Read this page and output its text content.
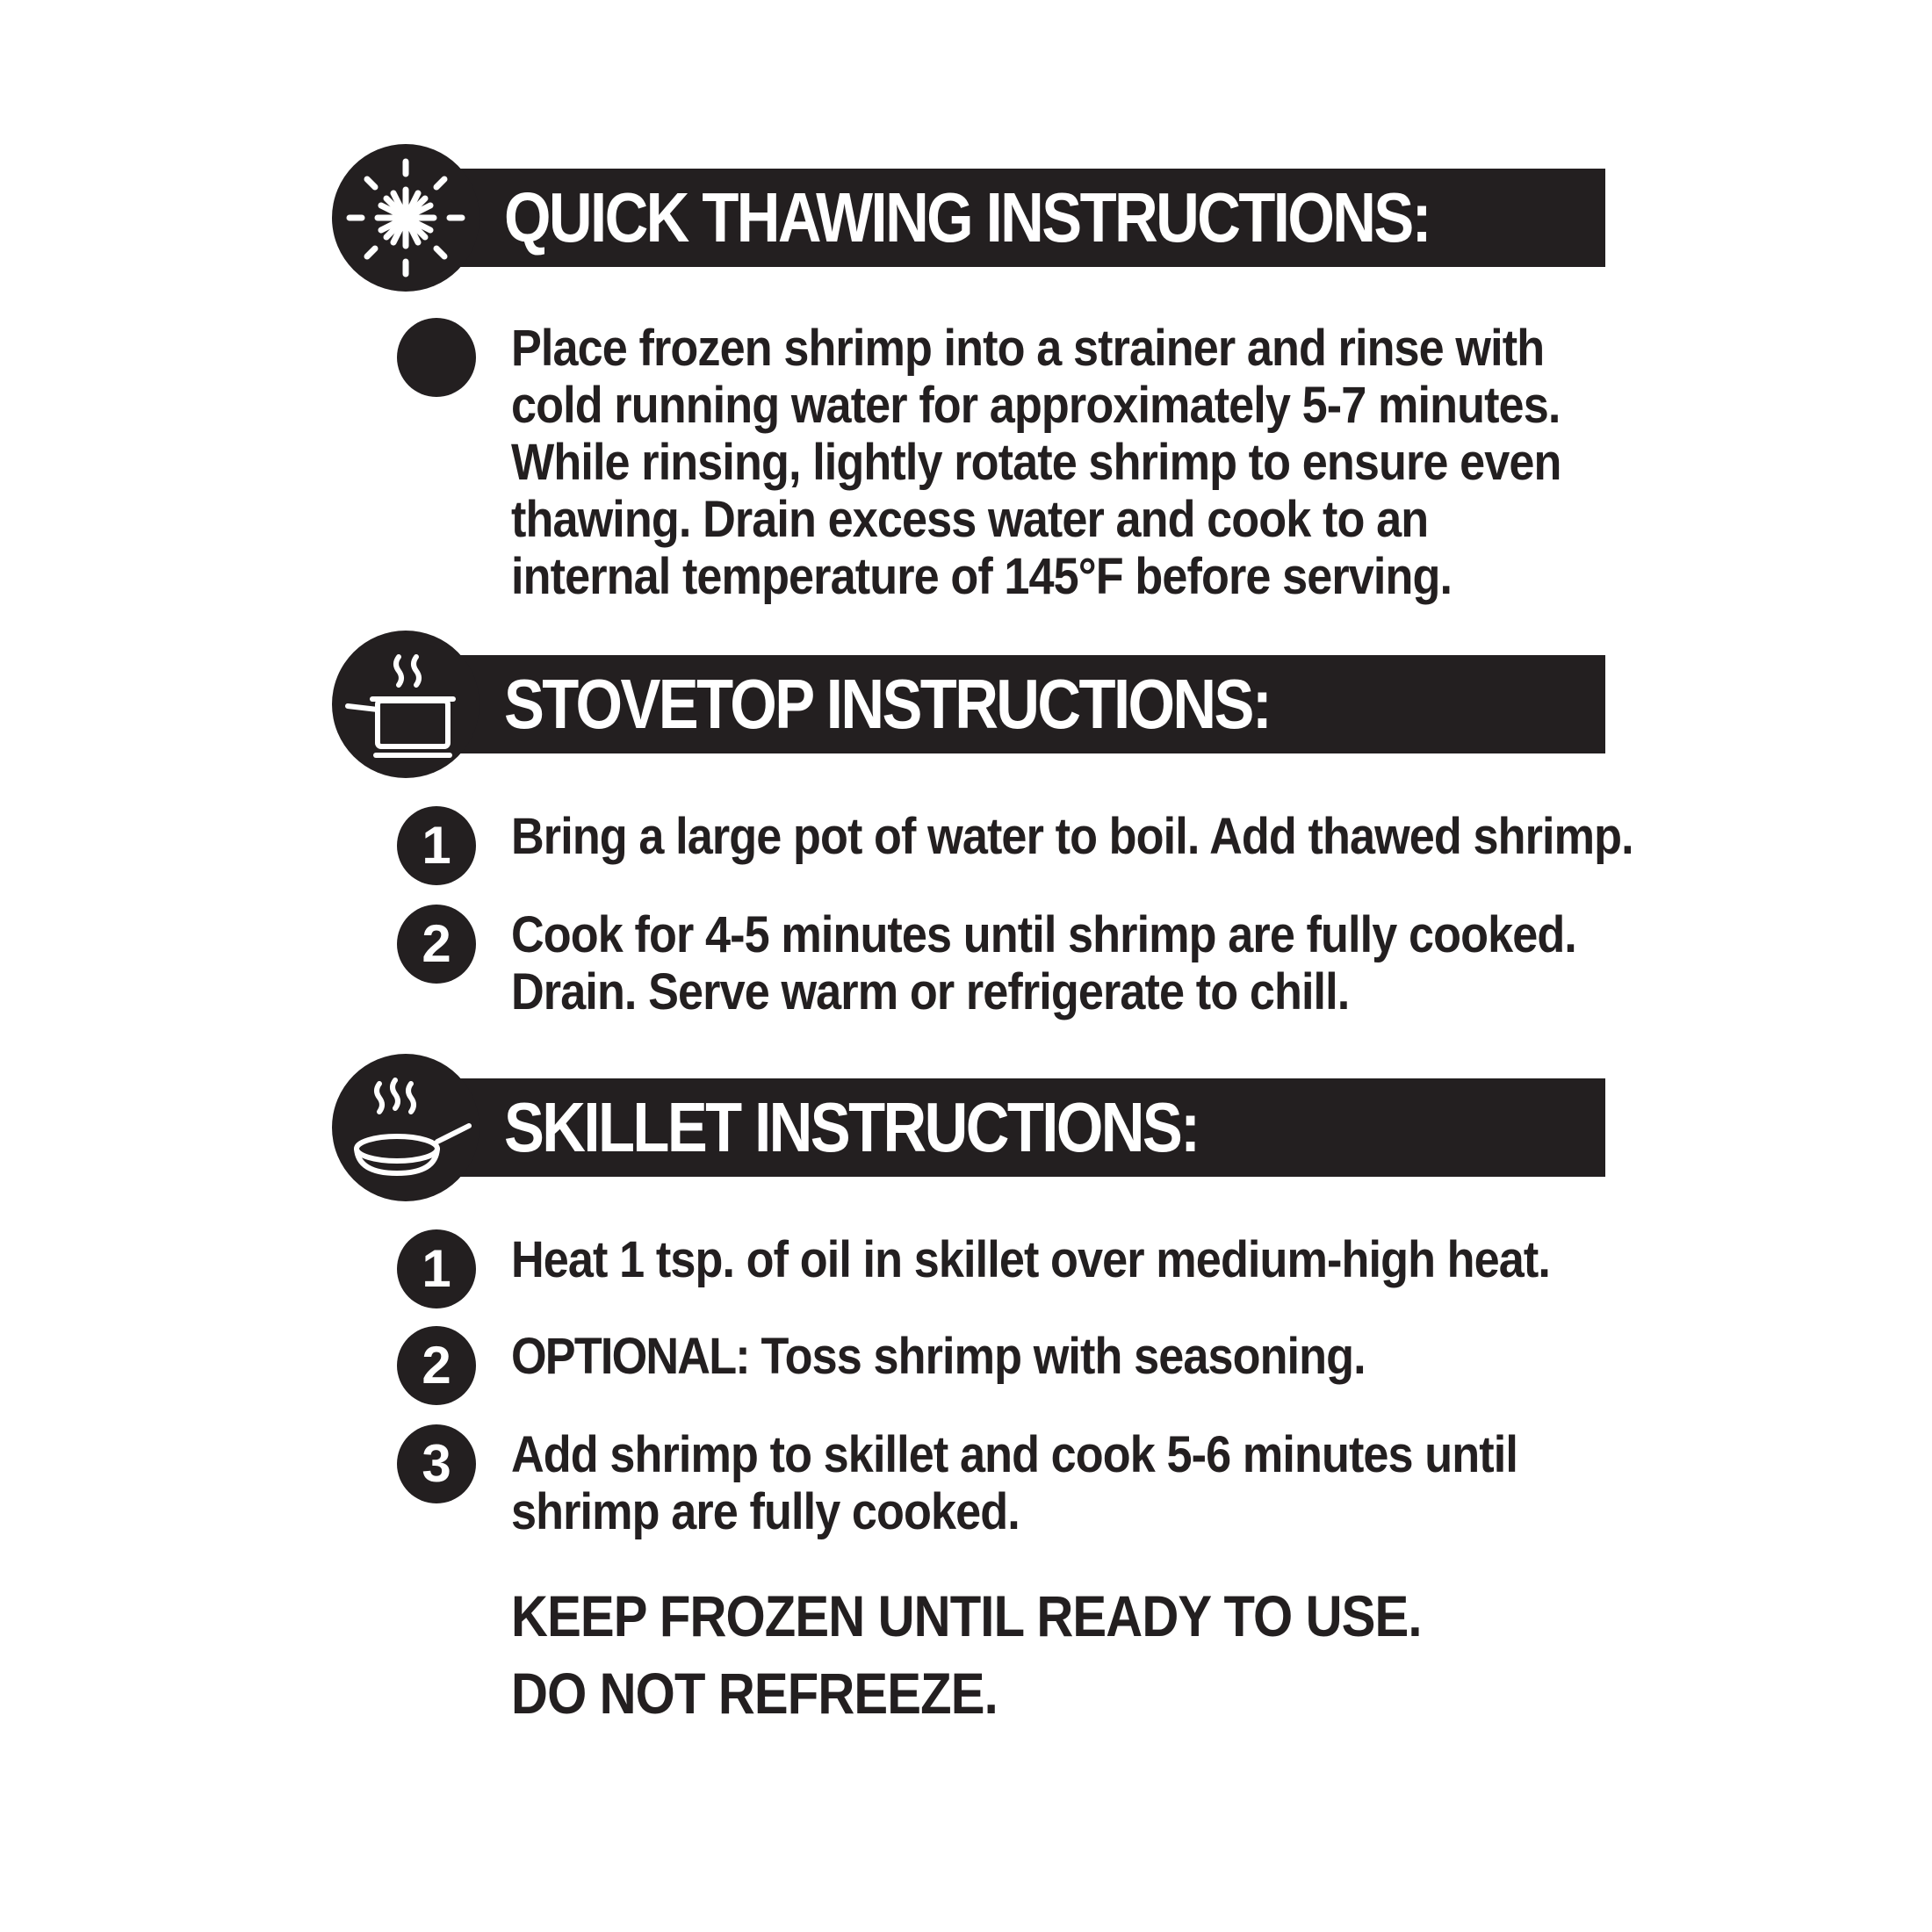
QUICK THAWING INSTRUCTIONS:
Place frozen shrimp into a strainer and rinse with
cold running water for approximately 5-7 minutes.
While rinsing, lightly rotate shrimp to ensure even
thawing. Drain excess water and cook to an
internal temperature of 145°F before serving.
STOVETOP INSTRUCTIONS:
1	Bring a large pot of water to boil. Add thawed shrimp.
2	Cook for 4-5 minutes until shrimp are fully cooked.
Drain. Serve warm or refrigerate to chill.
SKILLET INSTRUCTIONS:
1	Heat 1 tsp. of oil in skillet over medium-high heat.
2	OPTIONAL: Toss shrimp with seasoning.
3	Add shrimp to skillet and cook 5-6 minutes until
shrimp are fully cooked.
KEEP FROZEN UNTIL READY TO USE.
DO NOT REFREEZE.
